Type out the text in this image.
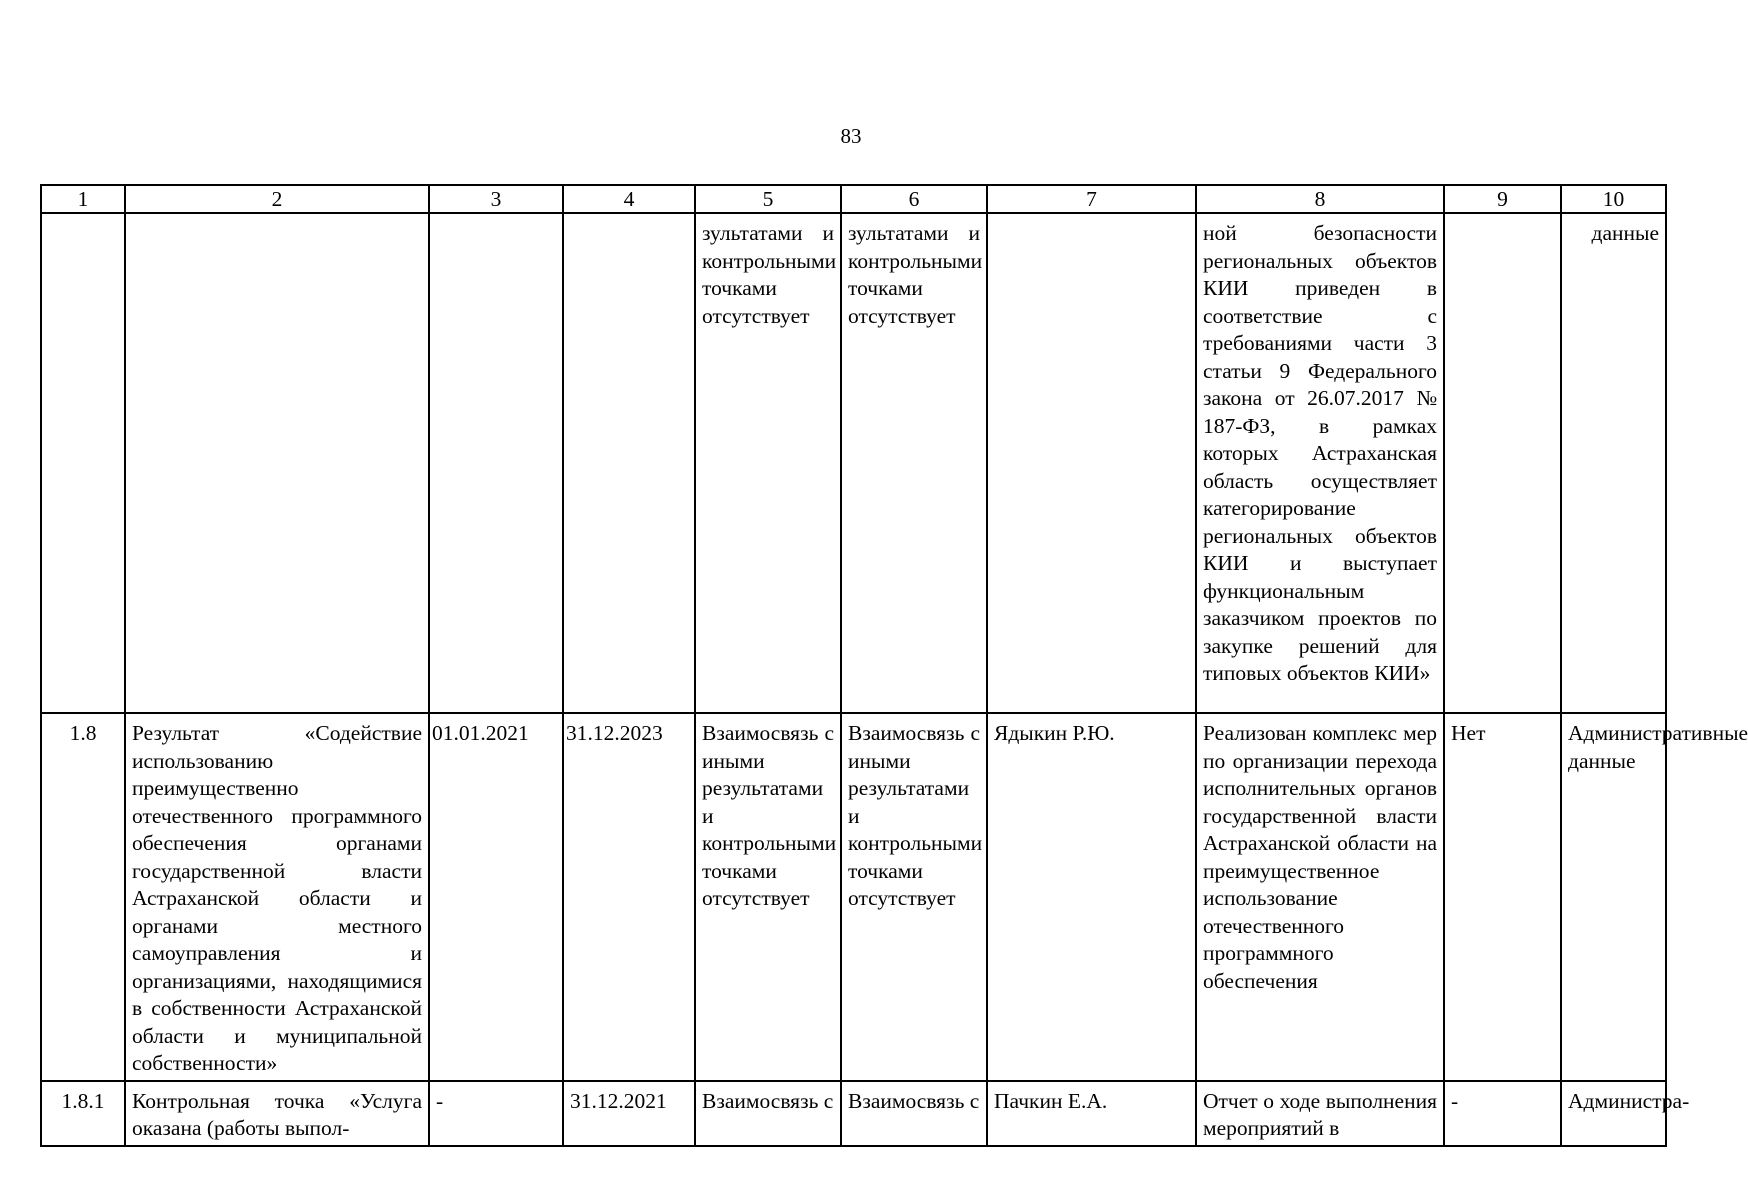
83
1	2	3	4	5	6	7	8	9	10
				зультатами и контрольными точками отсутствует	зультатами и контрольными точками отсутствует		ной безопасности региональных объектов КИИ приведен в соответствие с требованиями части 3 статьи 9 Федерального закона от 26.07.2017 № 187-ФЗ, в рамках которых Астраханская область осуществляет категорирование региональных объектов КИИ и выступает функциональным заказчиком проектов по закупке решений для типовых объектов КИИ»		данные
1.8	Результат «Содействие использованию преимущественно отечественного программного обеспечения органами государственной власти Астраханской области и органами местного самоуправления и организациями, находящимися в собственности Астраханской области и муниципальной собственности»	01.01.2021	31.12.2023	Взаимосвязь с иными результатами и контрольными точками отсутствует	Взаимосвязь с иными результатами и контрольными точками отсутствует	Ядыкин Р.Ю.	Реализован комплекс мер по организации перехода исполнительных органов государственной власти Астраханской области на преимущественное использование отечественного программного обеспечения	Нет	Административные данные
1.8.1	Контрольная точка «Услуга оказана (работы выпол-	-	31.12.2021	Взаимосвязь с	Взаимосвязь с	Пачкин Е.А.	Отчет о ходе выполнения мероприятий в	-	Администра-
